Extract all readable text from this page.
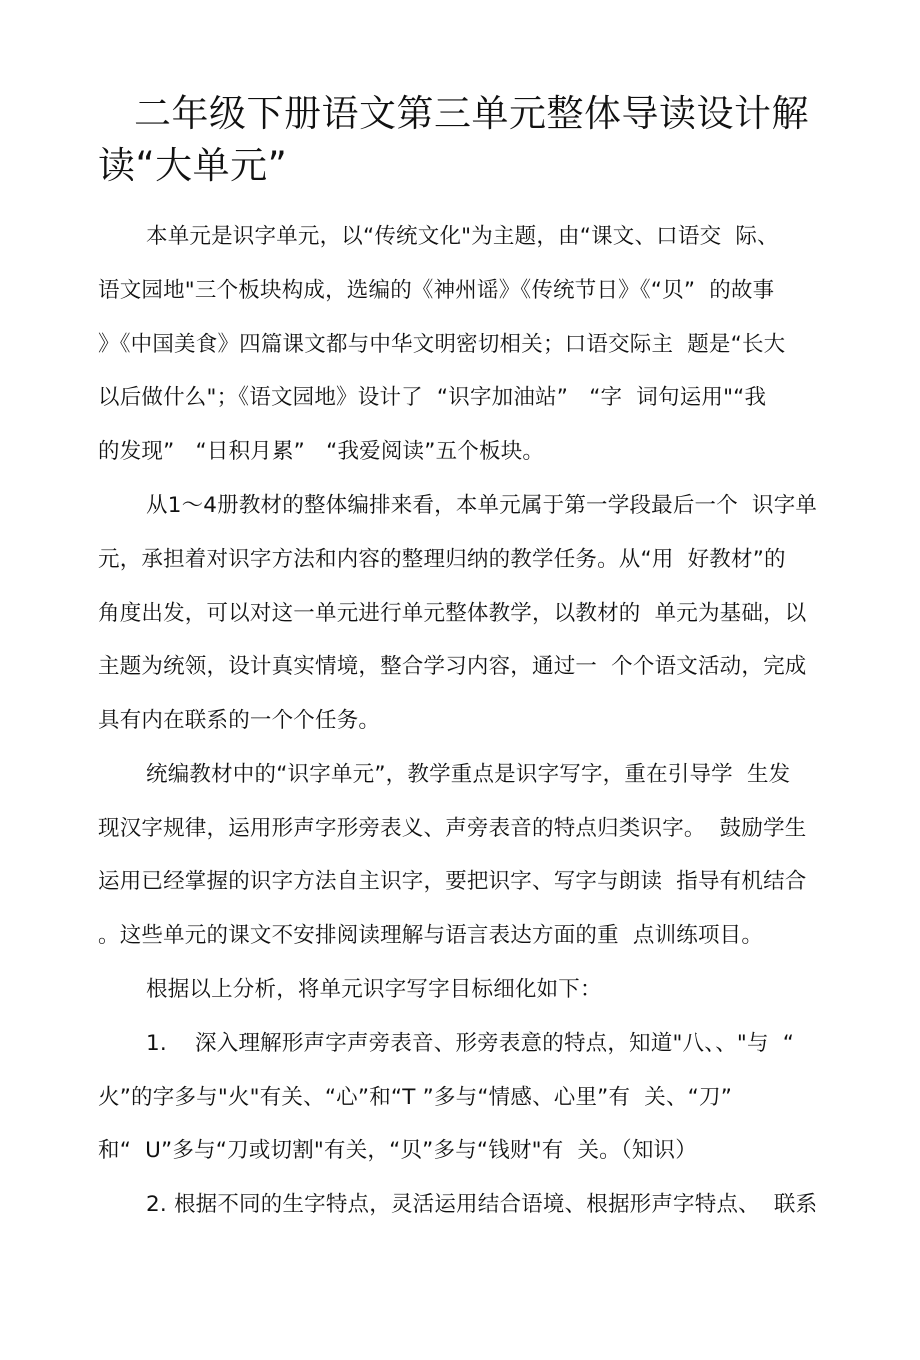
二年级下册语文第三单元整体导读设计解读“大单元”
本单元是识字单元，以“传统文化"为主题，由“课文、口语交  际、
语文园地"三个板块构成，选编的《神州谣》《传统节日》《“贝”  的故事
》《中国美食》四篇课文都与中华文明密切相关；口语交际主  题是“长大
以后做什么"；《语文园地》设计了  “识字加油站”   “字  词句运用"“我
的发现”   “日积月累”   “我爱阅读”五个板块。
从1〜4册教材的整体编排来看，本单元属于第一学段最后一个  识字单
元，承担着对识字方法和内容的整理归纳的教学任务。从“用  好教材”的
角度出发，可以对这一单元进行单元整体教学，以教材的  单元为基础，以
主题为统领，设计真实情境，整合学习内容，通过一  个个语文活动，完成
具有内在联系的一个个任务。
统编教材中的“识字单元”，教学重点是识字写字，重在引导学  生发
现汉字规律，运用形声字形旁表义、声旁表音的特点归类识字。  鼓励学生
运用已经掌握的识字方法自主识字，要把识字、写字与朗读  指导有机结合
。这些单元的课文不安排阅读理解与语言表达方面的重  点训练项目。
根据以上分析，将单元识字写字目标细化如下：
1.    深入理解形声字声旁表音、形旁表意的特点，知道"八、、"与  “
火”的字多与"火"有关、“心”和“T ”多与“情感、心里”有  关、“刀”
和“  U”多与“刀或切割"有关，“贝”多与“钱财"有  关。（知识）
2. 根据不同的生字特点，灵活运用结合语境、根据形声字特点、  联系
